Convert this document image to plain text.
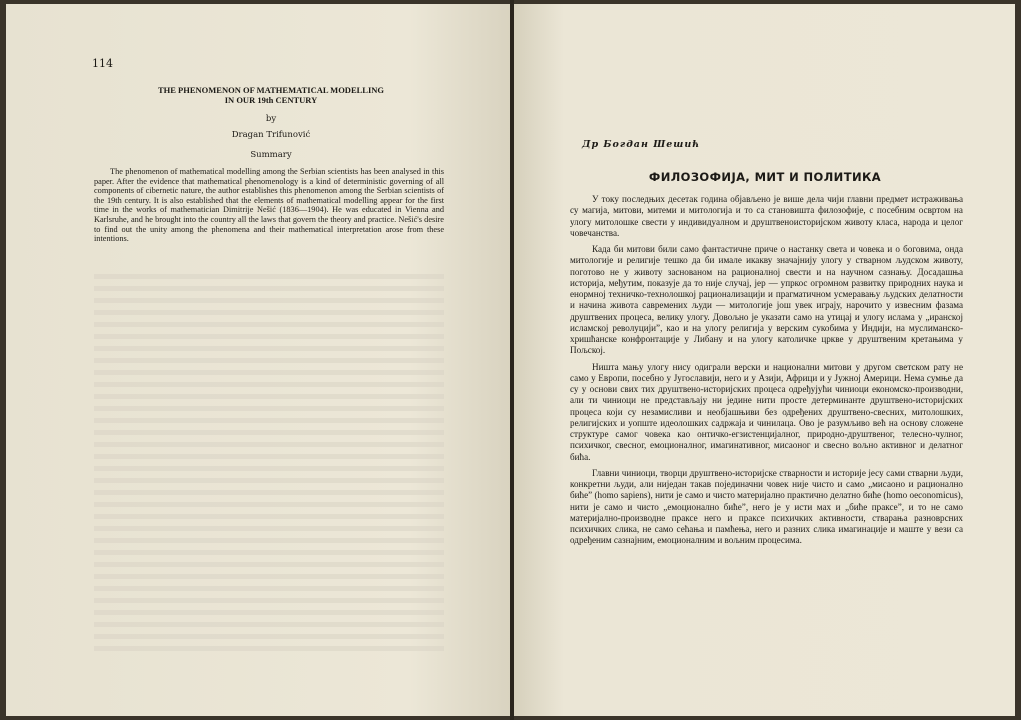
114
THE PHENOMENON OF MATHEMATICAL MODELLING
IN OUR 19th CENTURY
by
Dragan Trifunović
Summary
The phenomenon of mathematical modelling among the Serbian scientists has been analysed in this paper. After the evidence that mathematical phenomenology is a kind of deterministic governing of all components of cibernetic nature, the author establishes this phenomenon among the Serbian scientists of the 19th century. It is also established that the elements of mathematical modelling appear for the first time in the works of mathematician Dimitrije Nešić (1836—1904). He was educated in Vienna and Karlsruhe, and he brought into the country all the laws that govern the theory and practice. Nešić's desire to find out the unity among the phenomena and their mathematical interpretation arose from these intentions.
Др Богдан Шешић
ФИЛОЗОФИЈА, МИТ И ПОЛИТИКА

У току последњих десетак година објављено је више дела чији главни предмет истраживања су магија, митови, митеми и митологија и то са становишта филозофије, с посебним освртом на улогу митолошке свести у индивидуалном и друштвеноисторијском животу класа, народа и целог човечанства.

Када би митови били само фантастичне приче о настанку света и човека и о боговима, онда митологије и религије тешко да би имале икакву значајнију улогу у стварном људском животу, поготово не у животу заснованом на рационалној свести и на научном сазнању. Досадашња историја, међутим, показује да то није случај, јер — упркос огромном развитку природних наука и енормној техничко-технолошкој рационализацији и прагматичном усмеравању људских делатности и начина живота савремених људи — митологије још увек играју, нарочито у извесним фазама друштвених процеса, велику улогу. Довољно је указати само на утицај и улогу ислама у „иранској исламској револуцији”, као и на улогу религија у верским сукобима у Индији, на муслиманско-хришћанске конфронтације у Либану и на улогу католичке цркве у друштвеним кретањима у Пољској.

Ништа мању улогу нису одиграли верски и национални митови у другом светском рату не само у Европи, посебно у Југославији, него и у Азији, Африци и у Јужној Америци. Нема сумње да су у основи свих тих друштвено-историјских процеса одређујући чиниоци економско-производни, али ти чиниоци не представљају ни једине нити просте детерминанте друштвено-историјских процеса који су незамисливи и необјашњиви без одређених друштвено-свесних, митолошких, религијских и уопште идеолошких садржаја и чинилаца. Ово је разумљиво већ на основу сложене структуре самог човека као онтичко-егзистенцијалног, природно-друштвеног, телесно-чулног, психичког, свесног, емоционалног, имагинативног, мисаоног и свесно вољно активног и делатног бића.

Главни чиниоци, творци друштвено-историјске стварности и историје јесу сами стварни људи, конкретни људи, али ниједан такав појединачни човек није чисто и само „мисаоно и рационално биће” (homo sapiens), нити је само и чисто материјално практично делатно биће (homo oeconomicus), нити је само и чисто „емоционално биће”, него је у исти мах и „биће праксе”, и то не само материјално-производне праксе него и праксе психичких активности, стварања разноврсних психичких слика, не само сећања и памћења, него и разних слика имагинације и маште у вези са одређеним сазнајним, емоционалним и вољним процесима.
